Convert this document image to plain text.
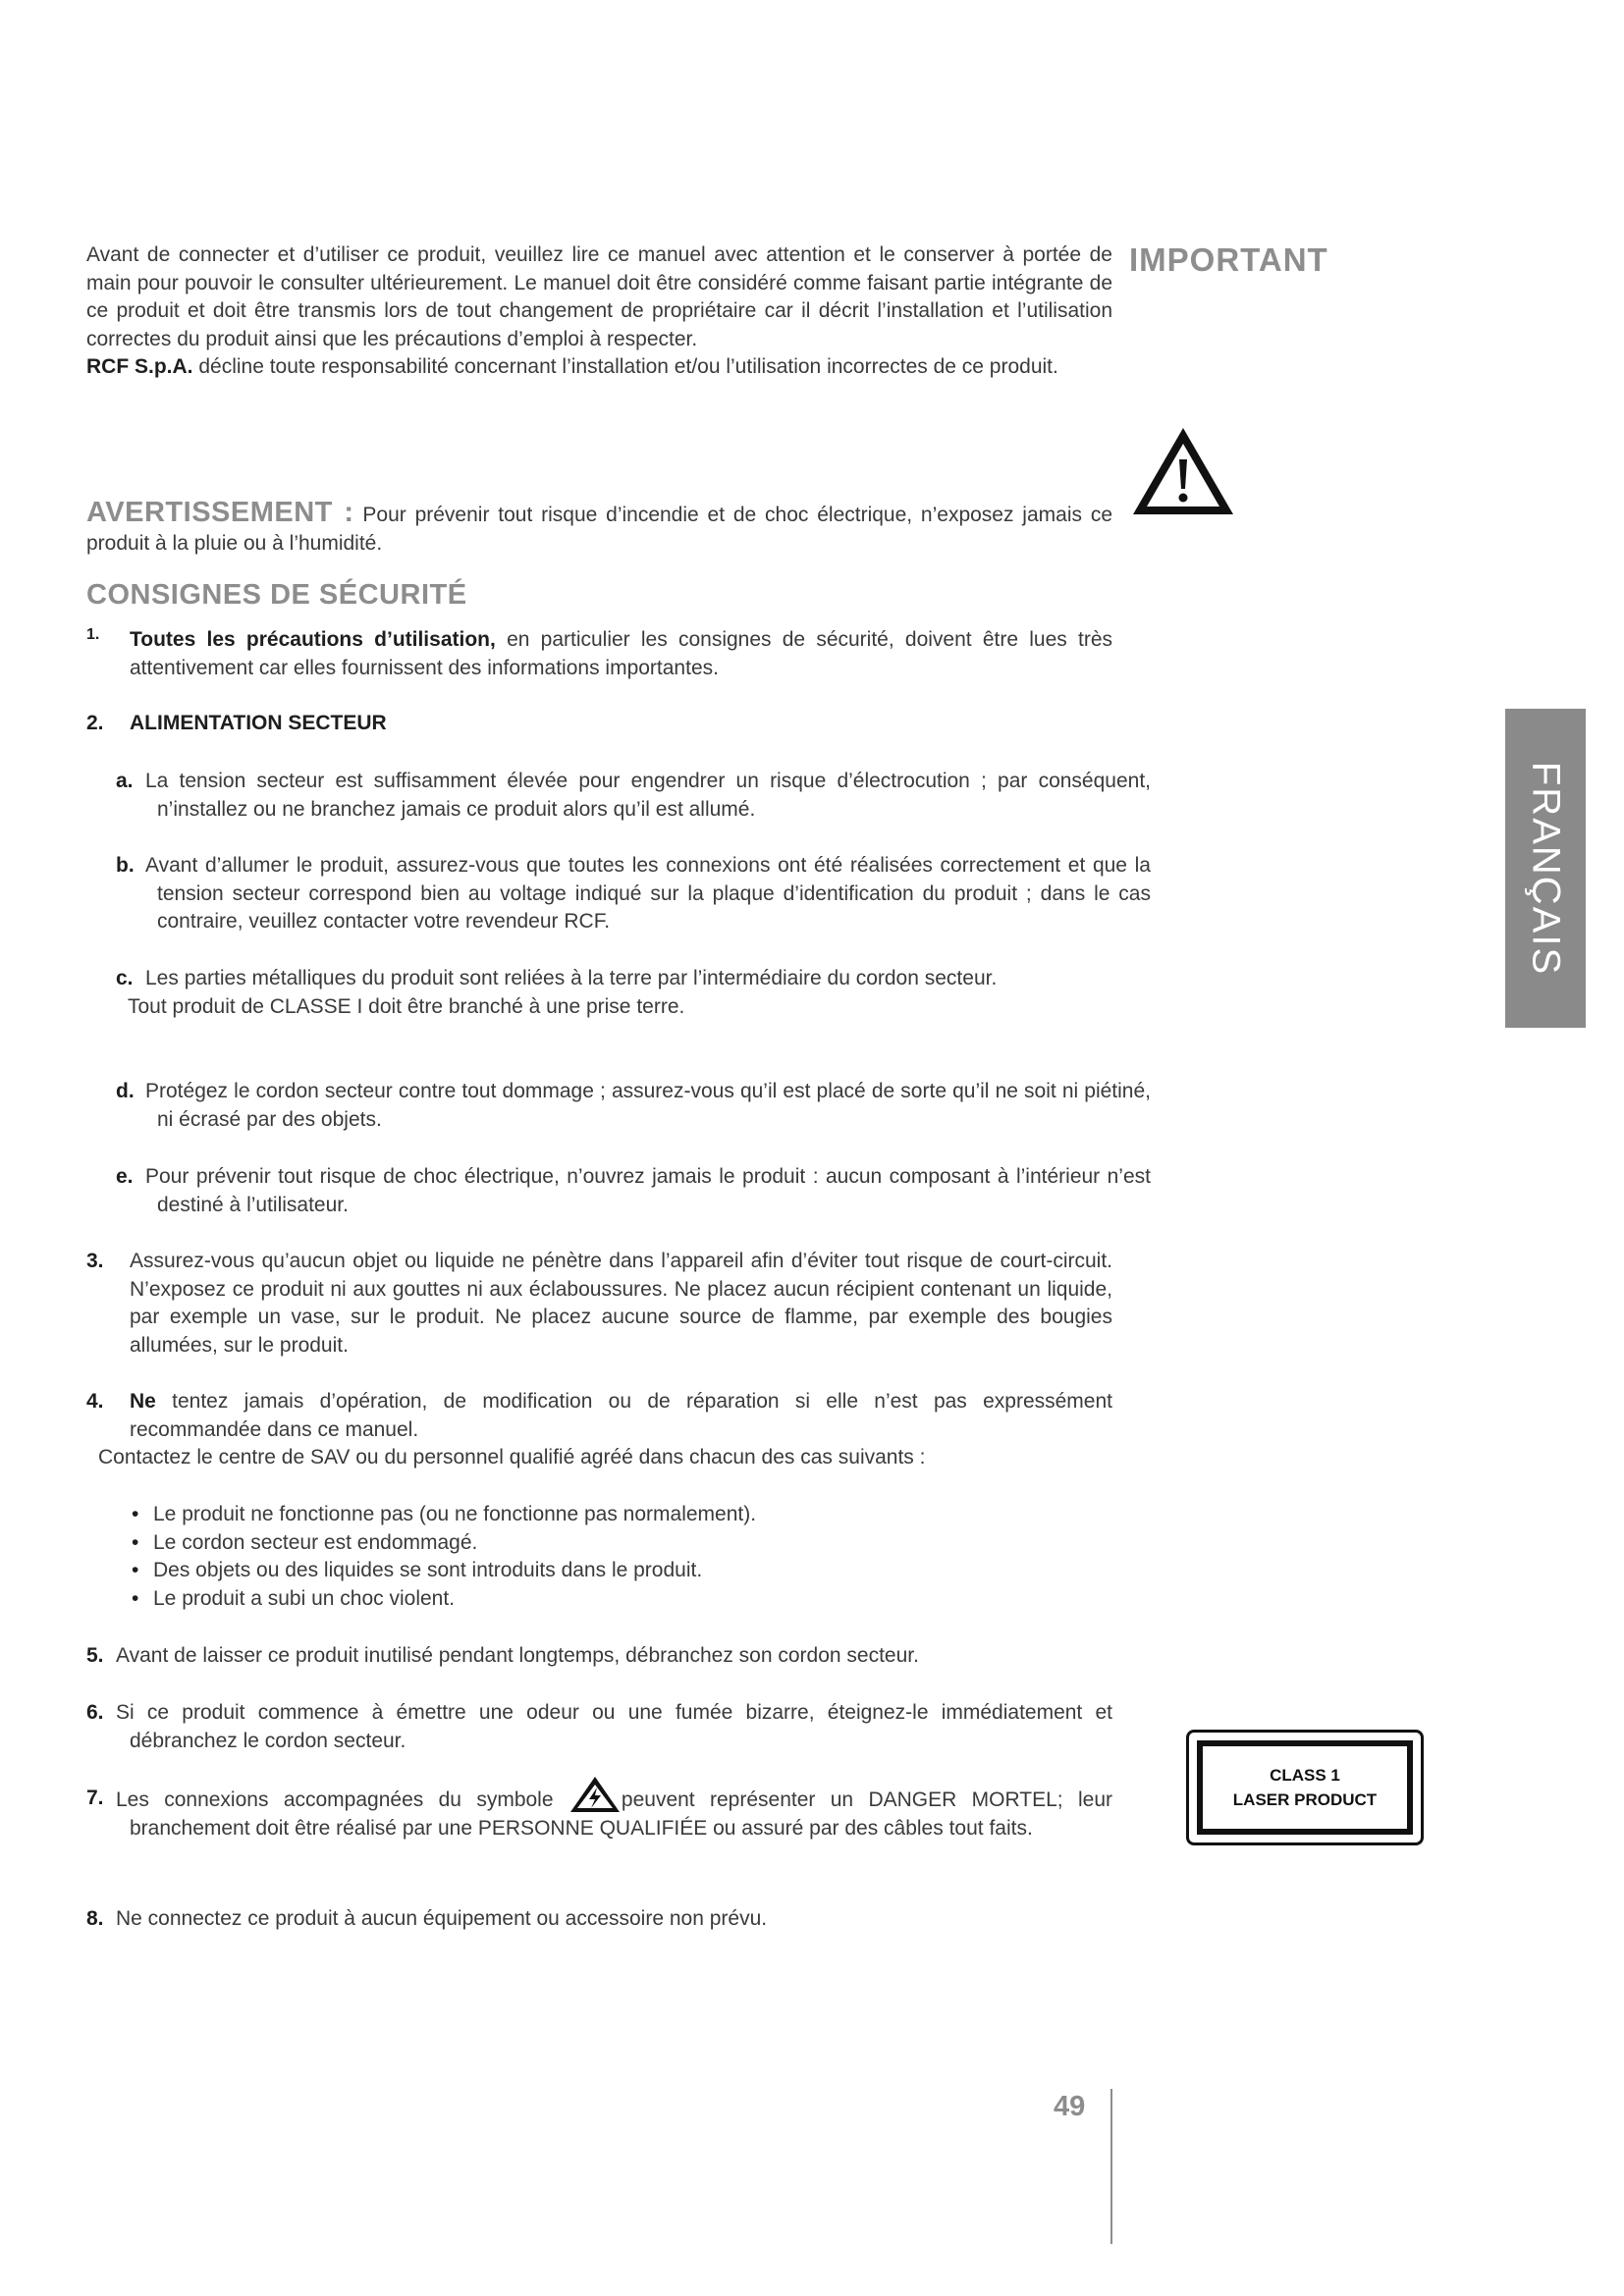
Avant de connecter et d’utiliser ce produit, veuillez lire ce manuel avec attention et le conserver à portée de main pour pouvoir le consulter ultérieurement. Le manuel doit être considéré comme faisant partie intégrante de ce produit et doit être transmis lors de tout changement de propriétaire car il décrit l’installation et l’utilisation correctes du produit ainsi que les précautions d’emploi à respecter.
RCF S.p.A. décline toute responsabilité concernant l’installation et/ou l’utilisation incorrectes de ce produit.
IMPORTANT
AVERTISSEMENT : Pour prévenir tout risque d’incendie et de choc électrique, n’exposez jamais ce produit à la pluie ou à l’humidité.
CONSIGNES DE SÉCURITÉ
1. Toutes les précautions d’utilisation, en particulier les consignes de sécurité, doivent être lues très attentivement car elles fournissent des informations importantes.
2. ALIMENTATION SECTEUR
a. La tension secteur est suffisamment élevée pour engendrer un risque d’électrocution ; par conséquent, n’installez ou ne branchez jamais ce produit alors qu’il est allumé.
b. Avant d’allumer le produit, assurez-vous que toutes les connexions ont été réalisées correctement et que la tension secteur correspond bien au voltage indiqué sur la plaque d’identification du produit ; dans le cas contraire, veuillez contacter votre revendeur RCF.
c. Les parties métalliques du produit sont reliées à la terre par l’intermédiaire du cordon secteur.
Tout produit de CLASSE I doit être branché à une prise terre.
d. Protégez le cordon secteur contre tout dommage ; assurez-vous qu’il est placé de sorte qu’il ne soit ni piétiné, ni écrasé par des objets.
e. Pour prévenir tout risque de choc électrique, n’ouvrez jamais le produit : aucun composant à l’intérieur n’est destiné à l’utilisateur.
3. Assurez-vous qu’aucun objet ou liquide ne pénètre dans l’appareil afin d’éviter tout risque de court-circuit. N’exposez ce produit ni aux gouttes ni aux éclaboussures. Ne placez aucun récipient contenant un liquide, par exemple un vase, sur le produit. Ne placez aucune source de flamme, par exemple des bougies allumées, sur le produit.
4. Ne tentez jamais d’opération, de modification ou de réparation si elle n’est pas expressément recommandée dans ce manuel.
Contactez le centre de SAV ou du personnel qualifié agréé dans chacun des cas suivants :
• Le produit ne fonctionne pas (ou ne fonctionne pas normalement).
• Le cordon secteur est endommagé.
• Des objets ou des liquides se sont introduits dans le produit.
• Le produit a subi un choc violent.
5. Avant de laisser ce produit inutilisé pendant longtemps, débranchez son cordon secteur.
6. Si ce produit commence à émettre une odeur ou une fumée bizarre, éteignez-le immédiatement et débranchez le cordon secteur.
7. Les connexions accompagnées du symbole	peuvent représenter un DANGER MORTEL; leur branchement doit être réalisé par une PERSONNE QUALIFIÉE ou assuré par des câbles tout faits.
8. Ne connectez ce produit à aucun équipement ou accessoire non prévu.
FRANÇAIS
CLASS 1
LASER PRODUCT
49
